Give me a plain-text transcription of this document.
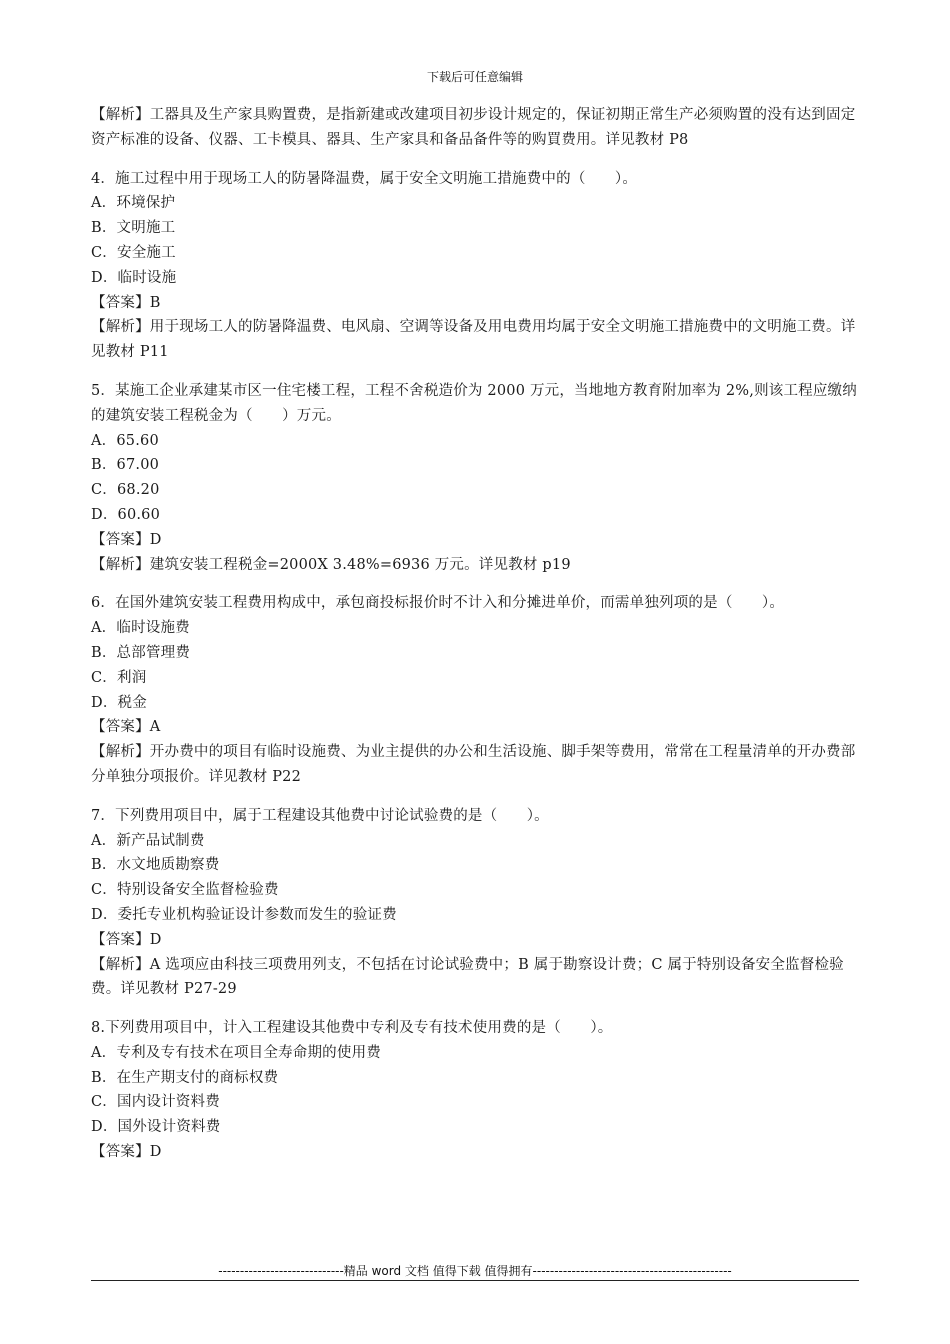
下载后可任意编辑

【解析】工器具及生产家具购置费，是指新建或改建项目初步设计规定的，保证初期正常生产必须购置的没有达到固定资产标准的设备、仪器、工卡模具、器具、生产家具和备品备件等的购買费用。详见教材 P8

4．施工过程中用于现场工人的防暑降温费，属于安全文明施工措施费中的（　　）。

A．环境保护

B．文明施工

C．安全施工

D．临时设施

【答案】B

【解析】用于现场工人的防暑降温费、电风扇、空调等设备及用电费用均属于安全文明施工措施费中的文明施工费。详见教材 P11

5．某施工企业承建某市区一住宅楼工程，工程不舍税造价为 2000 万元，当地地方教育附加率为 2%,则该工程应缴纳的建筑安装工程税金为（　　）万元。

A．65.60

B．67.00

C．68.20

D．60.60

【答案】D

【解析】建筑安装工程税金=2000X 3.48%=6936 万元。详见教材 p19

6．在国外建筑安装工程费用构成中，承包商投标报价时不计入和分摊进单价，而需单独列项的是（　　）。

A．临时设施费

B．总部管理费

C．利润

D．税金

【答案】A

【解析】开办费中的项目有临时设施费、为业主提供的办公和生活设施、脚手架等费用，常常在工程量清单的开办费部分单独分项报价。详见教材 P22

7．下列费用项目中，属于工程建设其他费中讨论试验费的是（　　）。

A．新产品试制费

B．水文地质勘察费

C．特别设备安全监督检验费

D．委托专业机构验证设计参数而发生的验证费

【答案】D

【解析】A 选项应由科技三项费用列支，不包括在讨论试验费中；B 属于勘察设计费；C 属于特别设备安全监督检验费。详见教材 P27-29

8.下列费用项目中，计入工程建设其他费中专利及专有技术使用费的是（　　）。

A．专利及专有技术在项目全寿命期的使用费

B．在生产期支付的商标权费

C．国内设计资料费

D．国外设计资料费

【答案】D

-----------------------------精品 word 文档 值得下载 值得拥有----------------------------------------------
